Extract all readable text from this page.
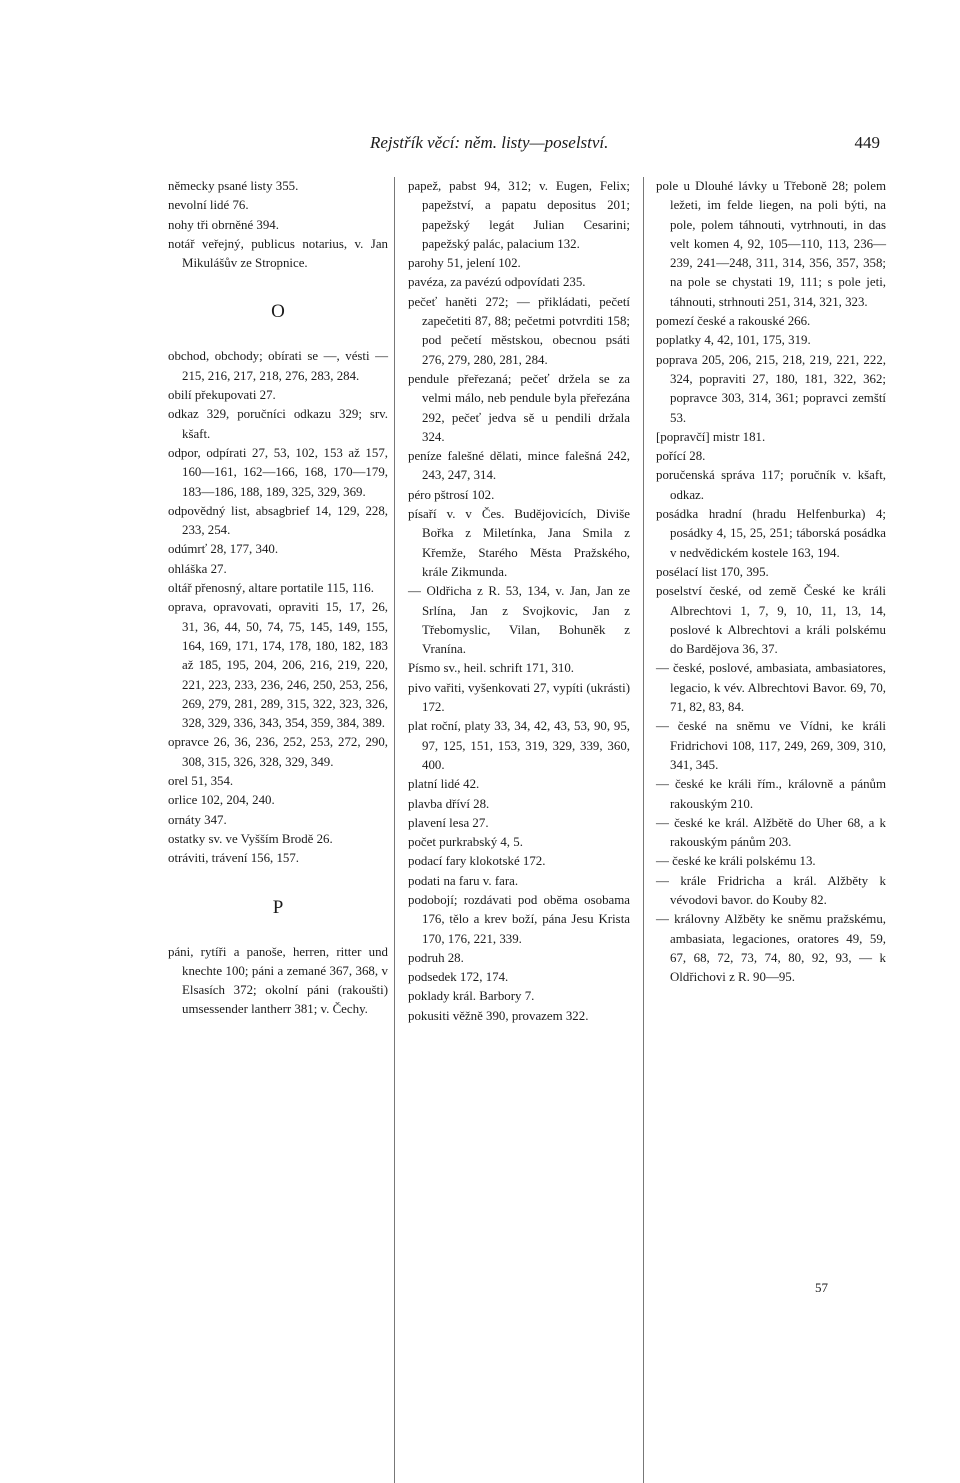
Rejstřík věcí: něm. listy—poselství.	449

německy psané listy 355.

nevolní lidé 76.

nohy tři obrněné 394.

notář veřejný, publicus notarius, v. Jan Mikulášův ze Stropnice.

O

obchod, obchody; obírati se —, vésti — 215, 216, 217, 218, 276, 283, 284.

obilí překupovati 27.

odkaz 329, poručníci odkazu 329; srv. kšaft.

odpor, odpírati 27, 53, 102, 153 až 157, 160—161, 162—166, 168, 170—179, 183—186, 188, 189, 325, 329, 369.

odpovědný list, absagbrief 14, 129, 228, 233, 254.

odúmrť 28, 177, 340.

ohláška 27.

oltář přenosný, altare portatile 115, 116.

oprava, opravovati, opraviti 15, 17, 26, 31, 36, 44, 50, 74, 75, 145, 149, 155, 164, 169, 171, 174, 178, 180, 182, 183 až 185, 195, 204, 206, 216, 219, 220, 221, 223, 233, 236, 246, 250, 253, 256, 269, 279, 281, 289, 315, 322, 323, 326, 328, 329, 336, 343, 354, 359, 384, 389.

opravce 26, 36, 236, 252, 253, 272, 290, 308, 315, 326, 328, 329, 349.

orel 51, 354.

orlice 102, 204, 240.

ornáty 347.

ostatky sv. ve Vyšším Brodě 26.

otráviti, trávení 156, 157.

P

páni, rytíři a panoše, herren, ritter und knechte 100; páni a zemané 367, 368, v Elsasích 372; okolní páni (rakoušti) umsessender lantherr 381; v. Čechy.

papež, pabst 94, 312; v. Eugen, Felix; papežství, a papatu depositus 201; papežský legát Julian Cesarini; papežský palác, palacium 132.

parohy 51, jelení 102.

pavéza, za pavézú odpovídati 235.

pečeť haněti 272; — přikládati, pečetí zapečetiti 87, 88; pečetmi potvrditi 158; pod pečetí městskou, obecnou psáti 276, 279, 280, 281, 284.

pendule přeřezaná; pečeť držela se za velmi málo, neb pendule byla přeřezána 292, pečeť jedva sě u pendili držala 324.

peníze falešné dělati, mince falešná 242, 243, 247, 314.

péro pštrosí 102.

písaří v. v Čes. Budějovicích, Diviše Bořka z Miletínka, Jana Smila z Křemže, Starého Města Pražského, krále Zikmunda.

— Oldřicha z R. 53, 134, v. Jan, Jan ze Srlína, Jan z Svojkovic, Jan z Třebomyslic, Vilan, Bohuněk z Vranína.

Písmo sv., heil. schrift 171, 310.

pivo vařiti, vyšenkovati 27, vypíti (ukrásti) 172.

plat roční, platy 33, 34, 42, 43, 53, 90, 95, 97, 125, 151, 153, 319, 329, 339, 360, 400.

platní lidé 42.

plavba dříví 28.

plavení lesa 27.

počet purkrabský 4, 5.

podací fary klokotské 172.

podati na faru v. fara.

podobojí; rozdávati pod oběma osobama 176, tělo a krev boží, pána Jesu Krista 170, 176, 221, 339.

podruh 28.

podsedek 172, 174.

poklady král. Barbory 7.

pokusiti věžně 390, provazem 322.

pole u Dlouhé lávky u Třeboně 28; polem ležeti, im felde liegen, na poli býti, na pole, polem táhnouti, vytrhnouti, in das velt komen 4, 92, 105—110, 113, 236—239, 241—248, 311, 314, 356, 357, 358; na pole se chystati 19, 111; s pole jeti, táhnouti, strhnouti 251, 314, 321, 323.

pomezí české a rakouské 266.

poplatky 4, 42, 101, 175, 319.

poprava 205, 206, 215, 218, 219, 221, 222, 324, popraviti 27, 180, 181, 322, 362; popravce 303, 314, 361; popravci zemští 53.

[popravčí] mistr 181.

pořící 28.

poručenská správa 117; poručník v. kšaft, odkaz.

posádka hradní (hradu Helfenburka) 4; posádky 4, 15, 25, 251; táborská posádka v nedvědickém kostele 163, 194.

posélací list 170, 395.

poselství české, od země České ke králi Albrechtovi 1, 7, 9, 10, 11, 13, 14, poslové k Albrechtovi a králi polskému do Bardějova 36, 37.

— české, poslové, ambasiata, ambasiatores, legacio, k vév. Albrechtovi Bavor. 69, 70, 71, 82, 83, 84.

— české na sněmu ve Vídni, ke králi Fridrichovi 108, 117, 249, 269, 309, 310, 341, 345.

— české ke králi řím., královně a pánům rakouským 210.

— české ke král. Alžbětě do Uher 68, a k rakouským pánům 203.

— české ke králi polskému 13.

— krále Fridricha a král. Alžběty k vévodovi bavor. do Kouby 82.

— královny Alžběty ke sněmu pražskému, ambasiata, legaciones, oratores 49, 59, 67, 68, 72, 73, 74, 80, 92, 93, — k Oldřichovi z R. 90—95.

57
